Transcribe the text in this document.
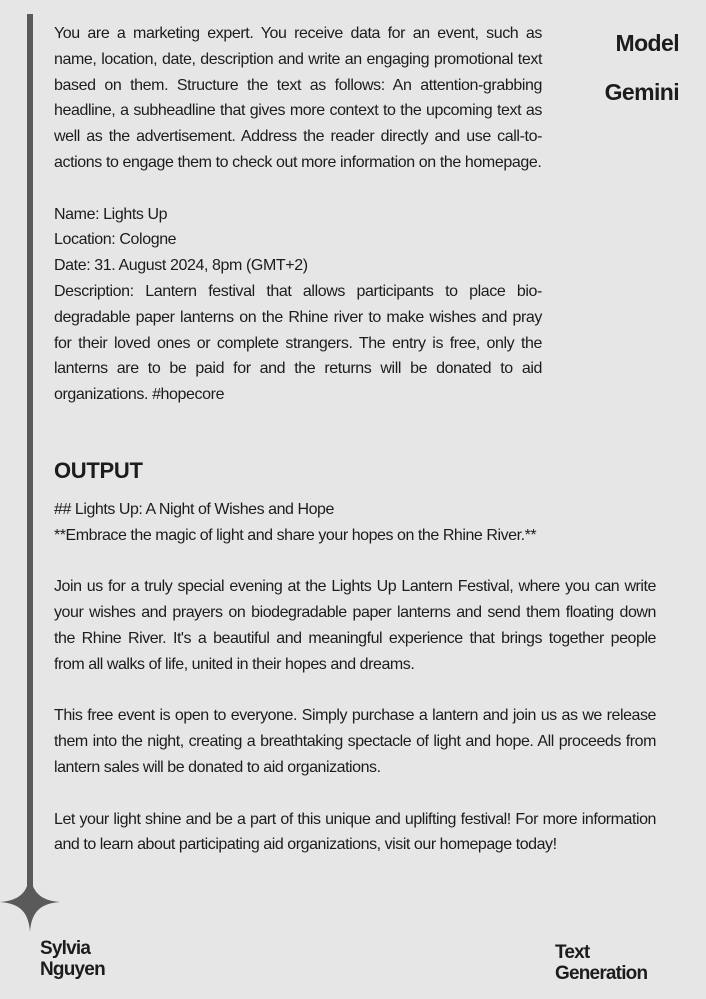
You are a marketing expert. You receive data for an event, such as name, location, date, description and write an engaging promotional text based on them. Structure the text as follows: An attention-grabbing headline, a subheadline that gives more context to the upcoming text as well as the advertisement. Address the reader directly and use call-to-actions to engage them to check out more information on the homepage.

Name: Lights Up

Location: Cologne

Date: 31. August 2024, 8pm (GMT+2)

Description: Lantern festival that allows participants to place bio-degradable paper lanterns on the Rhine river to make wishes and pray for their loved ones or complete strangers. The entry is free, only the lanterns are to be paid for and the returns will be donated to aid organizations. #hopecore

Model
Gemini
OUTPUT

## Lights Up: A Night of Wishes and Hope

**Embrace the magic of light and share your hopes on the Rhine River.**

Join us for a truly special evening at the Lights Up Lantern Festival, where you can write your wishes and prayers on biodegradable paper lanterns and send them floating down the Rhine River. It's a beautiful and meaningful experience that brings together people from all walks of life, united in their hopes and dreams.

This free event is open to everyone. Simply purchase a lantern and join us as we release them into the night, creating a breathtaking spectacle of light and hope. All proceeds from lantern sales will be donated to aid organizations.

Let your light shine and be a part of this unique and uplifting festival! For more information and to learn about participating aid organizations, visit our homepage today!

Sylvia
Nguyen
Text
Generation
